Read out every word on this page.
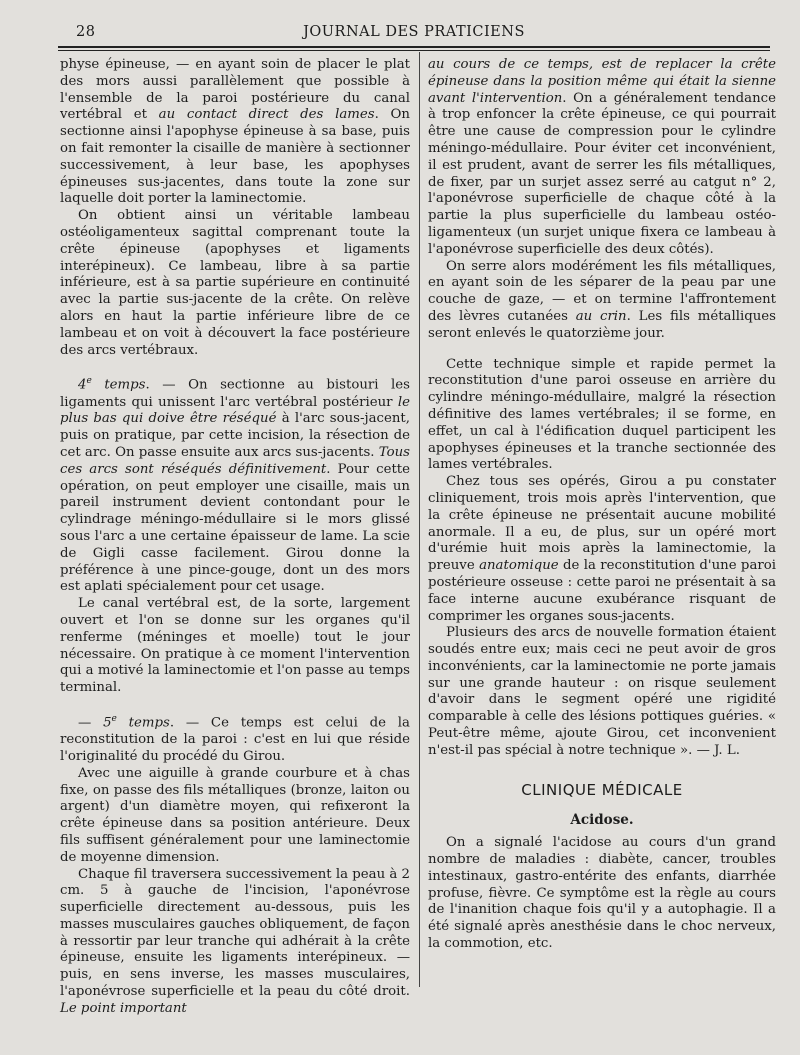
28	JOURNAL DES PRATICIENS

physe épineuse, — en ayant soin de placer le plat des mors aussi parallèlement que possible à l'ensemble de la paroi postérieure du canal vertébral et au contact direct des lames. On sectionne ainsi l'apophyse épineuse à sa base, puis on fait remonter la cisaille de manière à sectionner successivement, à leur base, les apophyses épineuses sus-jacentes, dans toute la zone sur laquelle doit porter la laminectomie.

On obtient ainsi un véritable lambeau ostéoligamenteux sagittal comprenant toute la crête épineuse (apophyses et ligaments interépineux). Ce lambeau, libre à sa partie inférieure, est à sa partie supérieure en continuité avec la partie sus-jacente de la crête. On relève alors en haut la partie inférieure libre de ce lambeau et on voit à découvert la face postérieure des arcs vertébraux.

4e temps. — On sectionne au bistouri les ligaments qui unissent l'arc vertébral postérieur le plus bas qui doive être réséqué à l'arc sous-jacent, puis on pratique, par cette incision, la résection de cet arc. On passe ensuite aux arcs sus-jacents. Tous ces arcs sont réséqués définitivement. Pour cette opération, on peut employer une cisaille, mais un pareil instrument devient contondant pour le cylindrage méningo-médullaire si le mors glissé sous l'arc a une certaine épaisseur de lame. La scie de Gigli casse facilement. Girou donne la préférence à une pince-gouge, dont un des mors est aplati spécialement pour cet usage.

Le canal vertébral est, de la sorte, largement ouvert et l'on se donne sur les organes qu'il renferme (méninges et moelle) tout le jour nécessaire. On pratique à ce moment l'intervention qui a motivé la laminectomie et l'on passe au temps terminal.

— 5e temps. — Ce temps est celui de la reconstitution de la paroi : c'est en lui que réside l'originalité du procédé du Girou.

Avec une aiguille à grande courbure et à chas fixe, on passe des fils métalliques (bronze, laiton ou argent) d'un diamètre moyen, qui refixeront la crête épineuse dans sa position antérieure. Deux fils suffisent généralement pour une laminectomie de moyenne dimension.

Chaque fil traversera successivement la peau à 2 cm. 5 à gauche de l'incision, l'aponévrose superficielle directement au-dessous, puis les masses musculaires gauches obliquement, de façon à ressortir par leur tranche qui adhérait à la crête épineuse, ensuite les ligaments interépineux. — puis, en sens inverse, les masses musculaires, l'aponévrose superficielle et la peau du côté droit. Le point important

au cours de ce temps, est de replacer la crête épineuse dans la position même qui était la sienne avant l'intervention. On a généralement tendance à trop enfoncer la crête épineuse, ce qui pourrait être une cause de compression pour le cylindre méningo-médullaire. Pour éviter cet inconvénient, il est prudent, avant de serrer les fils métalliques, de fixer, par un surjet assez serré au catgut n° 2, l'aponévrose superficielle de chaque côté à la partie la plus superficielle du lambeau ostéo-ligamenteux (un surjet unique fixera ce lambeau à l'aponévrose superficielle des deux côtés).

On serre alors modérément les fils métalliques, en ayant soin de les séparer de la peau par une couche de gaze, — et on termine l'affrontement des lèvres cutanées au crin. Les fils métalliques seront enlevés le quatorzième jour.

Cette technique simple et rapide permet la reconstitution d'une paroi osseuse en arrière du cylindre méningo-médullaire, malgré la résection définitive des lames vertébrales; il se forme, en effet, un cal à l'édification duquel participent les apophyses épineuses et la tranche sectionnée des lames vertébrales.

Chez tous ses opérés, Girou a pu constater cliniquement, trois mois après l'intervention, que la crête épineuse ne présentait aucune mobilité anormale. Il a eu, de plus, sur un opéré mort d'urémie huit mois après la laminectomie, la preuve anatomique de la reconstitution d'une paroi postérieure osseuse : cette paroi ne présentait à sa face interne aucune exubérance risquant de comprimer les organes sous-jacents.

Plusieurs des arcs de nouvelle formation étaient soudés entre eux; mais ceci ne peut avoir de gros inconvénients, car la laminectomie ne porte jamais sur une grande hauteur : on risque seulement d'avoir dans le segment opéré une rigidité comparable à celle des lésions pottiques guéries. « Peut-être même, ajoute Girou, cet inconvenient n'est-il pas spécial à notre technique ». — J. L.

CLINIQUE MÉDICALE
Acidose.

On a signalé l'acidose au cours d'un grand nombre de maladies : diabète, cancer, troubles intestinaux, gastro-entérite des enfants, diarrhée profuse, fièvre. Ce symptôme est la règle au cours de l'inanition chaque fois qu'il y a autophagie. Il a été signalé après anesthésie dans le choc nerveux, la commotion, etc.
